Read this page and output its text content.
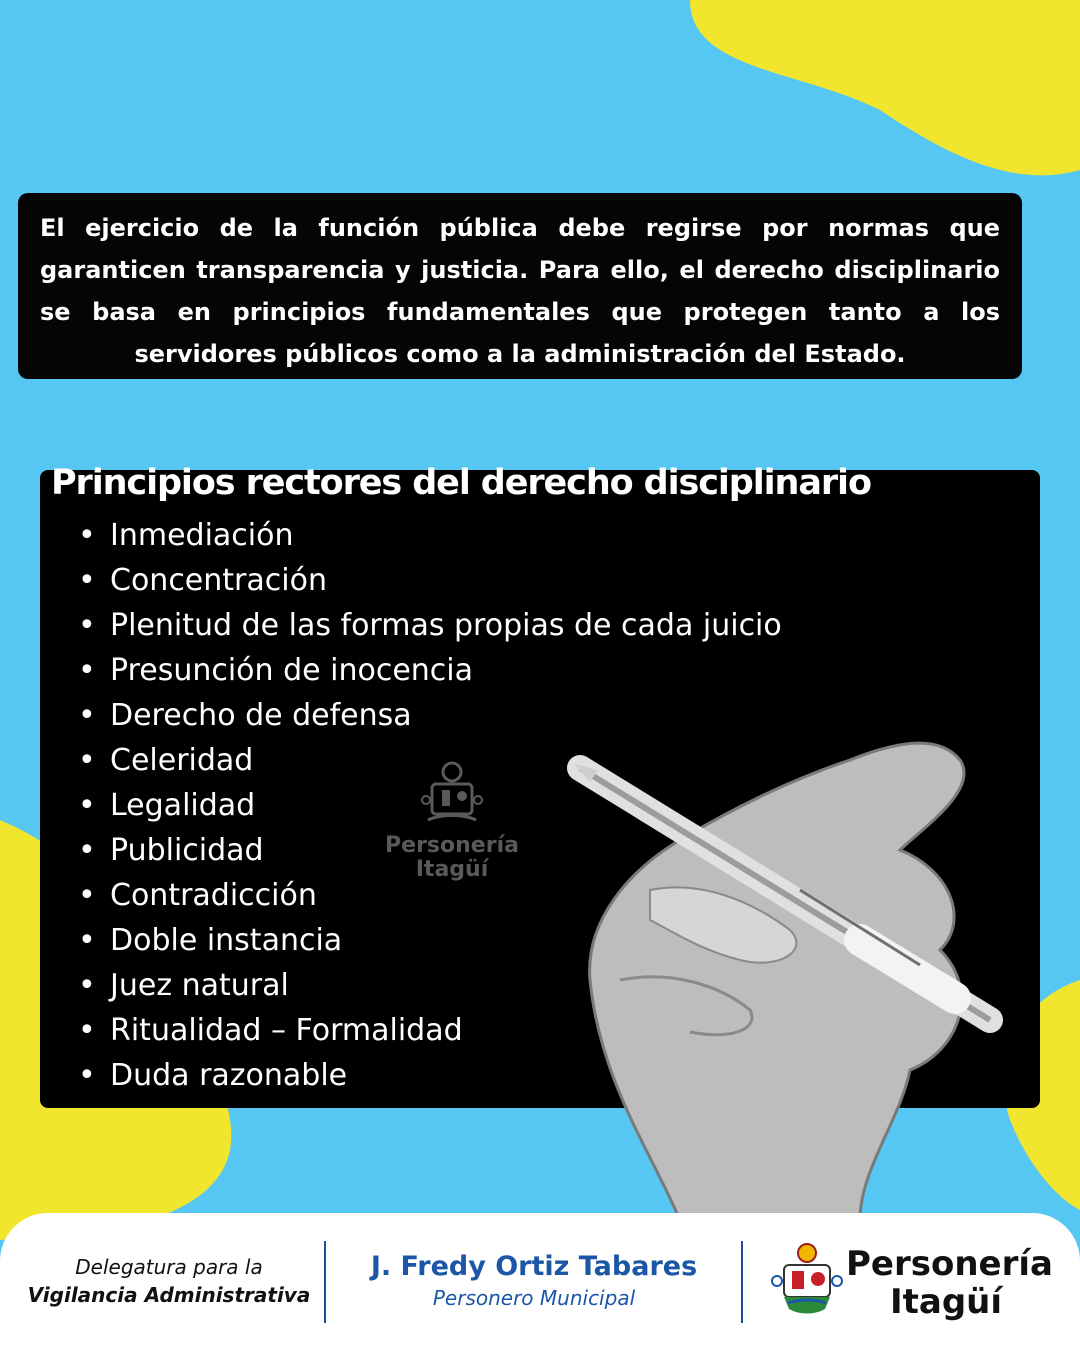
El ejercicio de la función pública debe regirse por normas que garanticen transparencia y justicia. Para ello, el derecho disciplinario se basa en principios fundamentales que protegen tanto a los servidores públicos como a la administración del Estado.
Principios rectores del derecho disciplinario
• Inmediación
• Concentración
• Plenitud de las formas propias de cada juicio
• Presunción de inocencia
• Derecho de defensa
• Celeridad
• Legalidad
• Publicidad
• Contradicción
• Doble instancia
• Juez natural
• Ritualidad – Formalidad
• Duda razonable
Personería
Itagüí
Delegatura para la
Vigilancia Administrativa
J. Fredy Ortiz Tabares
Personero Municipal
Personería
Itagüí
